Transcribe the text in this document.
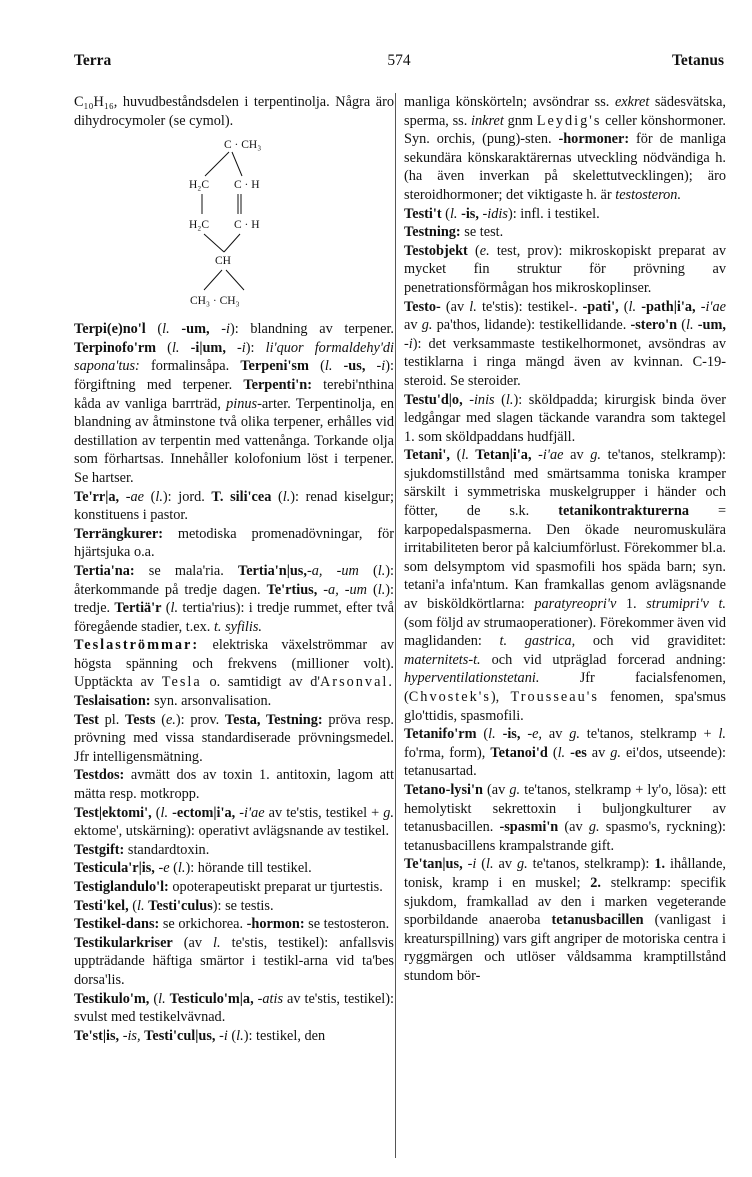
Terra	574	Tetanus

C₁₀H₁₆, huvudbeståndsdelen i terpentinolja. Några äro dihydrocymoler (se cymol).

C · CH₃
H₂C C · H
H₂C C · H
CH
CH₃ · CH₃

Terpi(e)no'l (l. -um, -i): blandning av terpener. Terpinofo'rm (l. -i|um, -i): li'quor formaldehy'di sapona'tus: formalinsåpa. Terpeni'sm (l. -us, -i): förgiftning med terpener. Terpenti'n: terebi'nthina kåda av vanliga barrträd, pinus-arter. Terpentinolja, en blandning av åtminstone två olika terpener, erhålles vid destillation av terpentin med vattenånga. Torkande olja som förhartsas. Innehåller kolofonium löst i terpener. Se hartser.

Te'rr|a, -ae (l.): jord. T. sili'cea (l.): renad kiselgur; konstituens i pastor.

Terrängkurer: metodiska promenadövningar, för hjärtsjuka o.a.

Tertia'na: se mala'ria. Tertia'n|us,-a, -um (l.): återkommande på tredje dagen. Te'rtius, -a, -um (l.): tredje. Tertiä'r (l. tertia'rius): i tredje rummet, efter två föregående stadier, t.ex. t. syfilis.

Teslaströmmar: elektriska växelströmmar av högsta spänning och frekvens (millioner volt). Upptäckta av Tesla o. samtidigt av d'Arsonval. Teslaisation: syn. arsonvalisation.

Test pl. Tests (e.): prov. Testa, Testning: prövа resp. prövning med vissa standardiserade prövningsmedel. Jfr intelligensmätning.

Testdos: avmätt dos av toxin 1. antitoxin, lagom att mätta resp. motkropp.

Test|ektomi', (l. -ectom|i'a, -i'ae av te'stis, testikel + g. ektome', utskärning): operativt avlägsnande av testikel.

Testgift: standardtoxin.

Testicula'r|is, -e (l.): hörande till testikel.

Testiglandulo'l: opoterapeutiskt preparat ur tjurtestis.

Testi'kel, (l. Testi'culus): se testis.

Testikel-dans: se orkichorea. -hormon: se testosteron.

Testikularkriser (av l. te'stis, testikel): anfallsvis uppträdande häftiga smärtor i testikl-arna vid ta'bes dorsa'lis.

Testikulo'm, (l. Testiculo'm|a, -atis av te'stis, testikel): svulst med testikelvävnad.

Te'st|is, -is, Testi'cul|us, -i (l.): testikel, den

manliga könskörteln; avsöndrar ss. exkret sädesvätska, sperma, ss. inkret gnm Leydig's celler könshormoner. Syn. orchis, (pung)-sten. -hormoner: för de manliga sekundära könskaraktärernas utveckling nödvändiga h. (ha även inverkan på skelettutvecklingen); äro steroidhormoner; det viktigaste h. är testosteron.

Testi't (l. -is, -idis): infl. i testikel.

Testning: se test.

Testobjekt (e. test, prov): mikroskopiskt preparat av mycket fin struktur för prövning av penetrationsförmågan hos mikroskoplinser.

Testo- (av l. te'stis): testikel-. -pati', (l. -path|i'a, -i'ae av g. pa'thos, lidande): testikellidande. -stero'n (l. -um, -i): det verksammaste testikelhormonet, avsöndras av testiklarna i ringa mängd även av kvinnan. C-19-steroid. Se steroider.

Testu'd|o, -inis (l.): sköldpadda; kirurgisk binda över ledgångar med slagen täckande varandra som taktegel 1. som sköldpaddans hudfjäll.

Tetani', (l. Tetan|i'a, -i'ae av g. te'tanos, stelkramp): sjukdomstillstånd med smärtsamma toniska kramper särskilt i symmetriska muskelgrupper i händer och fötter, de s.k. tetanikontrakturerna = karpopedalspasmerna. Den ökade neuromuskulära irritabiliteten beror på kalciumförlust. Förekommer bl.a. som delsymptom vid spasmofili hos späda barn; syn. tetani'a infa'ntum. Kan framkallas genom avlägsnande av bisköldkörtlarna: paratyreopri'v 1. strumipri'v t. (som följd av strumaoperationer). Förekommer även vid maglidanden: t. gastrica, och vid graviditet: maternitets-t. och vid utpräglad forcerad andning: hyperventilationstetani. Jfr facialsfenomen, (Chvostek's), Trousseau's fenomen, spa'smus glo'ttidis, spasmofili.

Tetanifo'rm (l. -is, -e, av g. te'tanos, stelkramp + l. fo'rma, form), Tetanoi'd (l. -es av g. ei'dos, utseende): tetanusartad.

Tetano-lysi'n (av g. te'tanos, stelkramp + ly'o, lösa): ett hemolytiskt sekrettoxin i buljongkulturer av tetanusbacillen. -spasmi'n (av g. spasmo's, ryckning): tetanusbacillens krampalstrande gift.

Te'tan|us, -i (l. av g. te'tanos, stelkramp): 1. ihållande, tonisk, kramp i en muskel; 2. stelkramp: specifik sjukdom, framkallad av den i marken vegeterande sporbildande anaeroba tetanusbacillen (vanligast i kreaturspillning) vars gift angriper de motoriska centra i ryggmärgen och utlöser våldsamma kramptillstånd stundom bör-
